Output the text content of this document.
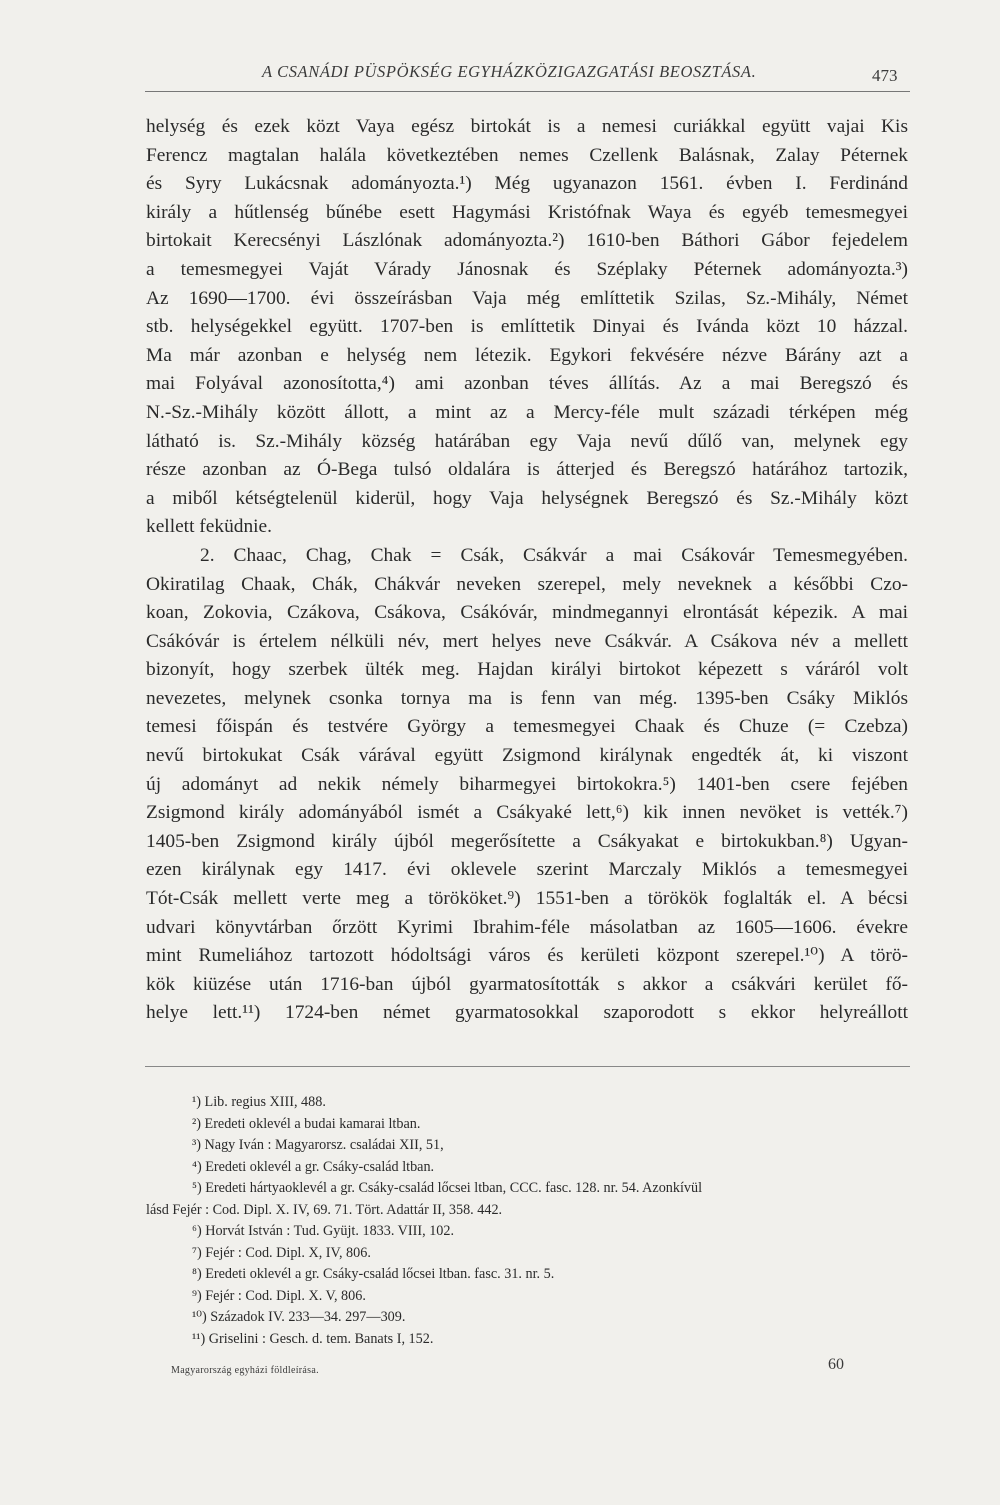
A CSANÁDI PÜSPÖKSÉG EGYHÁZKÖZIGAZGATÁSI BEOSZTÁSA.	473
helység és ezek közt Vaya egész birtokát is a nemesi curiákkal együtt vajai Kis
Ferencz magtalan halála következtében nemes Czellenk Balásnak, Zalay Péternek
és Syry Lukácsnak adományozta.¹) Még ugyanazon 1561. évben I. Ferdinánd
király a hűtlenség bűnébe esett Hagymási Kristófnak Waya és egyéb temesmegyei
birtokait Kerecsényi Lászlónak adományozta.²) 1610-ben Báthori Gábor fejedelem
a temesmegyei Vaját Várady Jánosnak és Széplaky Péternek adományozta.³)
Az 1690—1700. évi összeírásban Vaja még említtetik Szilas, Sz.-Mihály, Német
stb. helységekkel együtt. 1707-ben is említtetik Dinyai és Ivánda közt 10 házzal.
Ma már azonban e helység nem létezik. Egykori fekvésére nézve Bárány azt a
mai Folyával azonosította,⁴) ami azonban téves állítás. Az a mai Beregszó és
N.-Sz.-Mihály között állott, a mint az a Mercy-féle mult századi térképen még
látható is. Sz.-Mihály község határában egy Vaja nevű dűlő van, melynek egy
része azonban az Ó-Bega tulsó oldalára is átterjed és Beregszó határához tartozik,
a miből kétségtelenül kiderül, hogy Vaja helységnek Beregszó és Sz.-Mihály közt
kellett feküdnie.
2. Chaac, Chag, Chak = Csák, Csákvár a mai Csákovár Temesmegyében.
Okiratilag Chaak, Chák, Chákvár neveken szerepel, mely neveknek a későbbi Czo-
koan, Zokovia, Czákova, Csákova, Csákóvár, mindmegannyi elrontását képezik. A mai
Csákóvár is értelem nélküli név, mert helyes neve Csákvár. A Csákova név a mellett
bizonyít, hogy szerbek ülték meg. Hajdan királyi birtokot képezett s váráról volt
nevezetes, melynek csonka tornya ma is fenn van még. 1395-ben Csáky Miklós
temesi főispán és testvére György a temesmegyei Chaak és Chuze (= Czebza)
nevű birtokukat Csák várával együtt Zsigmond királynak engedték át, ki viszont
új adományt ad nekik némely biharmegyei birtokokra.⁵) 1401-ben csere fejében
Zsigmond király adományából ismét a Csákyaké lett,⁶) kik innen nevöket is vették.⁷)
1405-ben Zsigmond király újból megerősítette a Csákyakat e birtokukban.⁸) Ugyan-
ezen királynak egy 1417. évi oklevele szerint Marczaly Miklós a temesmegyei
Tót-Csák mellett verte meg a törököket.⁹) 1551-ben a törökök foglalták el. A bécsi
udvari könyvtárban őrzött Kyrimi Ibrahim-féle másolatban az 1605—1606. évekre
mint Rumeliához tartozott hódoltsági város és kerületi központ szerepel.¹⁰) A törö-
kök kiüzése után 1716-ban újból gyarmatosították s akkor a csákvári kerület fő-
helye lett.¹¹) 1724-ben német gyarmatosokkal szaporodott s ekkor helyreállott
¹) Lib. regius XIII, 488.
²) Eredeti oklevél a budai kamarai ltban.
³) Nagy Iván : Magyarorsz. családai XII, 51,
⁴) Eredeti oklevél a gr. Csáky-család ltban.
⁵) Eredeti hártyaoklevél a gr. Csáky-család lőcsei ltban, CCC. fasc. 128. nr. 54. Azonkívül
lásd Fejér : Cod. Dipl. X. IV, 69. 71. Tört. Adattár II, 358. 442.
⁶) Horvát István : Tud. Gyüjt. 1833. VIII, 102.
⁷) Fejér : Cod. Dipl. X, IV, 806.
⁸) Eredeti oklevél a gr. Csáky-család lőcsei ltban. fasc. 31. nr. 5.
⁹) Fejér : Cod. Dipl. X. V, 806.
¹⁰) Századok IV. 233—34. 297—309.
¹¹) Griselini : Gesch. d. tem. Banats I, 152.
Magyarország egyházi földleírása.	60
